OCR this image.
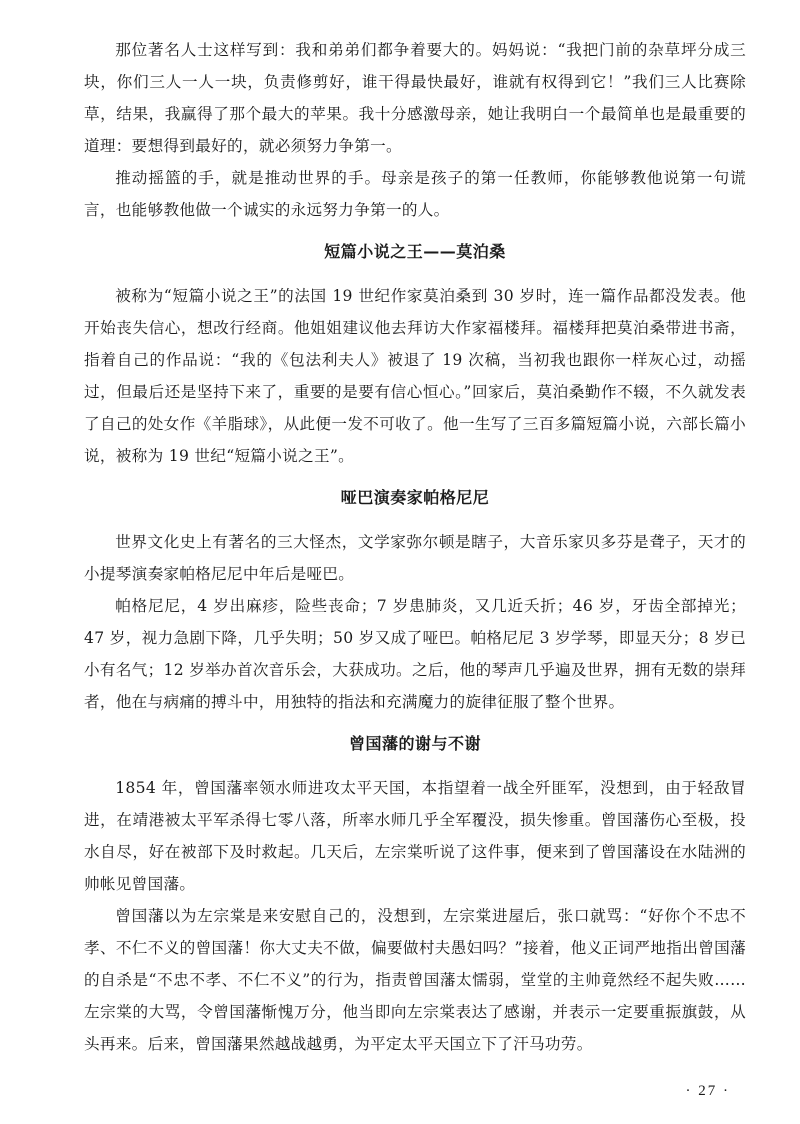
那位著名人士这样写到：我和弟弟们都争着要大的。妈妈说：“我把门前的杂草坪分成三块，你们三人一人一块，负责修剪好，谁干得最快最好，谁就有权得到它！”我们三人比赛除草，结果，我赢得了那个最大的苹果。我十分感激母亲，她让我明白一个最简单也是最重要的道理：要想得到最好的，就必须努力争第一。

推动摇篮的手，就是推动世界的手。母亲是孩子的第一任教师，你能够教他说第一句谎言，也能够教他做一个诚实的永远努力争第一的人。

短篇小说之王——莫泊桑

被称为“短篇小说之王”的法国 19 世纪作家莫泊桑到 30 岁时，连一篇作品都没发表。他开始丧失信心，想改行经商。他姐姐建议他去拜访大作家福楼拜。福楼拜把莫泊桑带进书斋，指着自己的作品说：“我的《包法利夫人》被退了 19 次稿，当初我也跟你一样灰心过，动摇过，但最后还是坚持下来了，重要的是要有信心恒心。”回家后，莫泊桑勤作不辍，不久就发表了自己的处女作《羊脂球》，从此便一发不可收了。他一生写了三百多篇短篇小说，六部长篇小说，被称为 19 世纪“短篇小说之王”。

哑巴演奏家帕格尼尼

世界文化史上有著名的三大怪杰，文学家弥尔顿是瞎子，大音乐家贝多芬是聋子，天才的小提琴演奏家帕格尼尼中年后是哑巴。

帕格尼尼，4 岁出麻疹，险些丧命；7 岁患肺炎，又几近夭折；46 岁，牙齿全部掉光；47 岁，视力急剧下降，几乎失明；50 岁又成了哑巴。帕格尼尼 3 岁学琴，即显天分；8 岁已小有名气；12 岁举办首次音乐会，大获成功。之后，他的琴声几乎遍及世界，拥有无数的崇拜者，他在与病痛的搏斗中，用独特的指法和充满魔力的旋律征服了整个世界。

曾国藩的谢与不谢

1854 年，曾国藩率领水师进攻太平天国，本指望着一战全歼匪军，没想到，由于轻敌冒进，在靖港被太平军杀得七零八落，所率水师几乎全军覆没，损失惨重。曾国藩伤心至极，投水自尽，好在被部下及时救起。几天后，左宗棠听说了这件事，便来到了曾国藩设在水陆洲的帅帐见曾国藩。

曾国藩以为左宗棠是来安慰自己的，没想到，左宗棠进屋后，张口就骂：“好你个不忠不孝、不仁不义的曾国藩！你大丈夫不做，偏要做村夫愚妇吗？”接着，他义正词严地指出曾国藩的自杀是“不忠不孝、不仁不义”的行为，指责曾国藩太懦弱，堂堂的主帅竟然经不起失败……左宗棠的大骂，令曾国藩惭愧万分，他当即向左宗棠表达了感谢，并表示一定要重振旗鼓，从头再来。后来，曾国藩果然越战越勇，为平定太平天国立下了汗马功劳。

· 27 ·
